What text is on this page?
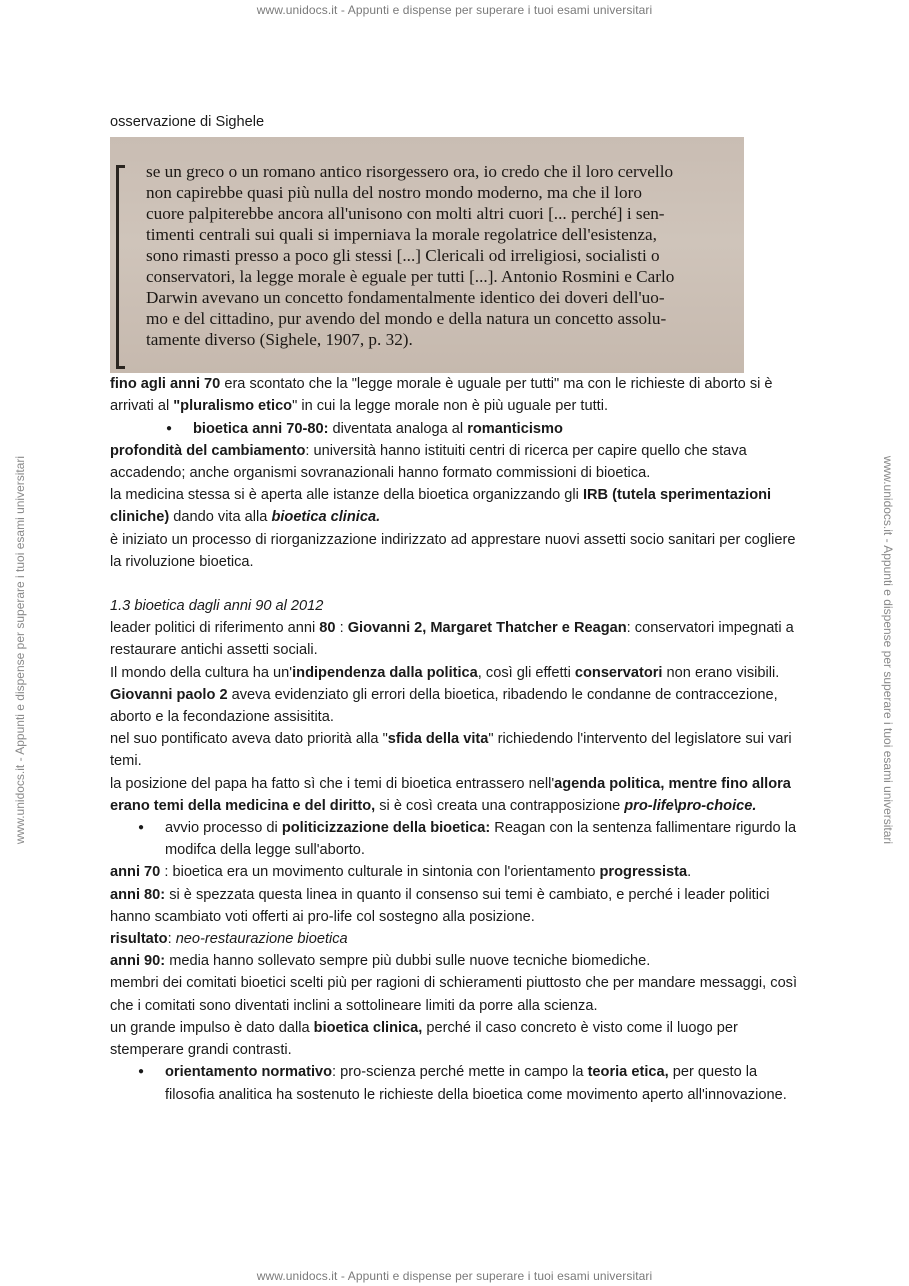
www.unidocs.it - Appunti e dispense per superare i tuoi esami universitari
www.unidocs.it - Appunti e dispense per superare i tuoi esami universitari	www.unidocs.it - Appunti e dispense per superare i tuoi esami universitari
www.unidocs.it - Appunti e dispense per superare i tuoi esami universitari

osservazione di Sighele

se un greco o un romano antico risorgessero ora, io credo che il loro cervello
non capirebbe quasi più nulla del nostro mondo moderno, ma che il loro
cuore palpiterebbe ancora all'unisono con molti altri cuori [... perché] i sen-
timenti centrali sui quali si imperniava la morale regolatrice dell'esistenza,
sono rimasti presso a poco gli stessi [...] Clericali od irreligiosi, socialisti o
conservatori, la legge morale è eguale per tutti [...]. Antonio Rosmini e Carlo
Darwin avevano un concetto fondamentalmente identico dei doveri dell'uo-
mo e del cittadino, pur avendo del mondo e della natura un concetto assolu-
tamente diverso (Sighele, 1907, p. 32).

fino agli anni 70 era scontato che la "legge morale è uguale per tutti" ma con le richieste di aborto si è arrivati al "pluralismo etico" in cui la legge morale non è più uguale per tutti.

● bioetica anni 70-80: diventata analoga al romanticismo

profondità del cambiamento: università hanno istituiti centri di ricerca per capire quello che stava accadendo; anche organismi sovranazionali hanno formato commissioni di bioetica.

la medicina stessa si è aperta alle istanze della bioetica organizzando gli IRB (tutela sperimentazioni cliniche) dando vita alla bioetica clinica.

è iniziato un processo di riorganizzazione indirizzato ad apprestare nuovi assetti socio sanitari per cogliere la rivoluzione bioetica.

1.3 bioetica dagli anni 90 al 2012

leader politici di riferimento anni 80 : Giovanni 2, Margaret Thatcher e Reagan: conservatori impegnati a restaurare antichi assetti sociali.

Il mondo della cultura ha un'indipendenza dalla politica, così gli effetti conservatori non erano visibili.

Giovanni paolo 2 aveva evidenziato gli errori della bioetica, ribadendo le condanne de contraccezione, aborto e la fecondazione assisitita.

nel suo pontificato aveva dato priorità alla "sfida della vita" richiedendo l'intervento del legislatore sui vari temi.

la posizione del papa ha fatto sì che i temi di bioetica entrassero nell'agenda politica, mentre fino allora erano temi della medicina e del diritto, si è così creata una contrapposizione pro-life\pro-choice.

● avvio processo di politicizzazione della bioetica: Reagan con la sentenza fallimentare rigurdo la modifca della legge sull'aborto.

anni 70 : bioetica era un movimento culturale in sintonia con l'orientamento progressista.

anni 80: si è spezzata questa linea in quanto il consenso sui temi è cambiato, e perché i leader politici hanno scambiato voti offerti ai pro-life col sostegno alla posizione.

risultato: neo-restaurazione bioetica

anni 90: media hanno sollevato sempre più dubbi sulle nuove tecniche biomediche.

membri dei comitati bioetici scelti più per ragioni di schieramenti piuttosto che per mandare messaggi, così che i comitati sono diventati inclini a sottolineare limiti da porre alla scienza.

un grande impulso è dato dalla bioetica clinica, perché il caso concreto è visto come il luogo per stemperare grandi contrasti.

● orientamento normativo: pro-scienza perché mette in campo la teoria etica, per questo la filosofia analitica ha sostenuto le richieste della bioetica come movimento aperto all'innovazione.
